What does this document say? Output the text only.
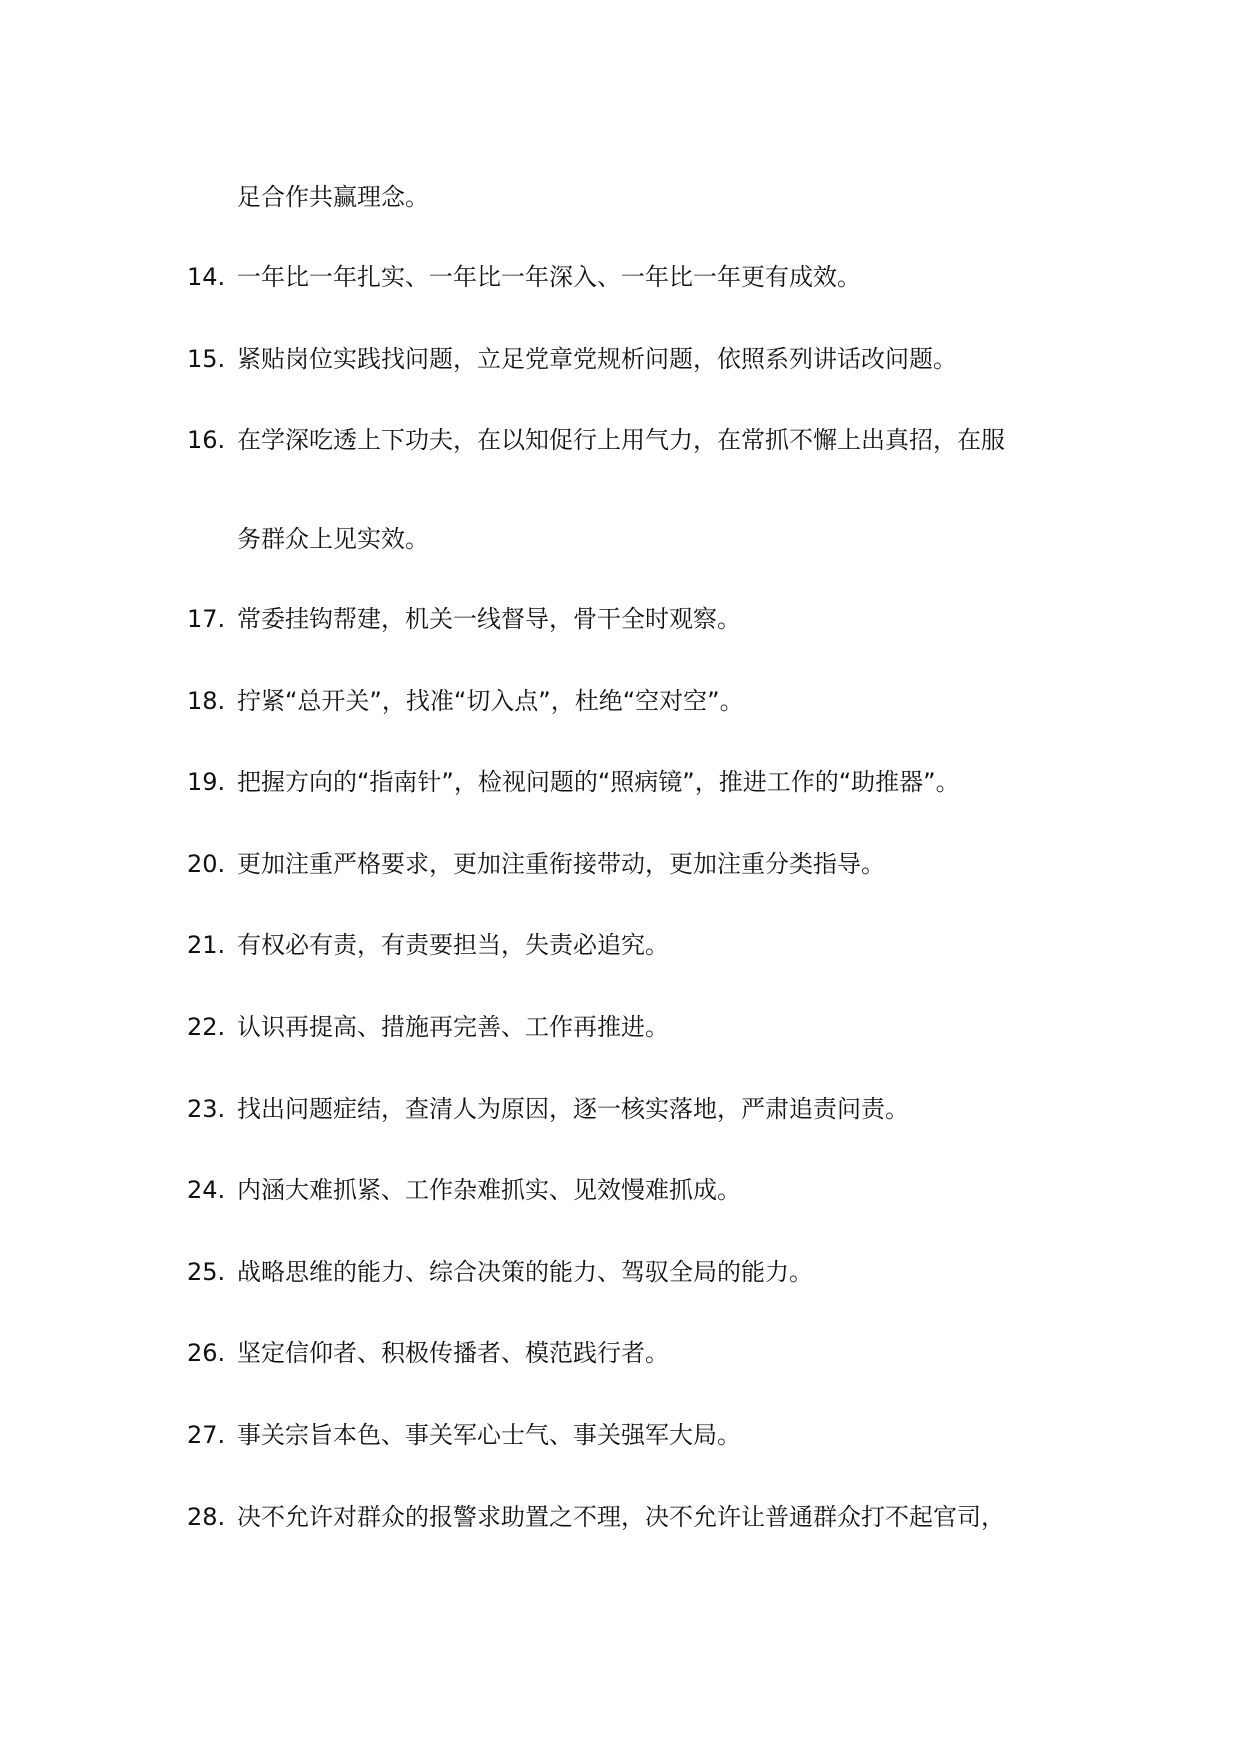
足合作共赢理念。
14. 一年比一年扎实、一年比一年深入、一年比一年更有成效。
15. 紧贴岗位实践找问题，立足党章党规析问题，依照系列讲话改问题。
16. 在学深吃透上下功夫，在以知促行上用气力，在常抓不懈上出真招，在服
务群众上见实效。
17. 常委挂钩帮建，机关一线督导，骨干全时观察。
18. 拧紧“总开关”，找准“切入点”，杜绝“空对空”。
19. 把握方向的“指南针”，检视问题的“照病镜”，推进工作的“助推器”。
20. 更加注重严格要求，更加注重衔接带动，更加注重分类指导。
21. 有权必有责，有责要担当，失责必追究。
22. 认识再提高、措施再完善、工作再推进。
23. 找出问题症结，查清人为原因，逐一核实落地，严肃追责问责。
24. 内涵大难抓紧、工作杂难抓实、见效慢难抓成。
25. 战略思维的能力、综合决策的能力、驾驭全局的能力。
26. 坚定信仰者、积极传播者、模范践行者。
27. 事关宗旨本色、事关军心士气、事关强军大局。
28. 决不允许对群众的报警求助置之不理，决不允许让普通群众打不起官司，
